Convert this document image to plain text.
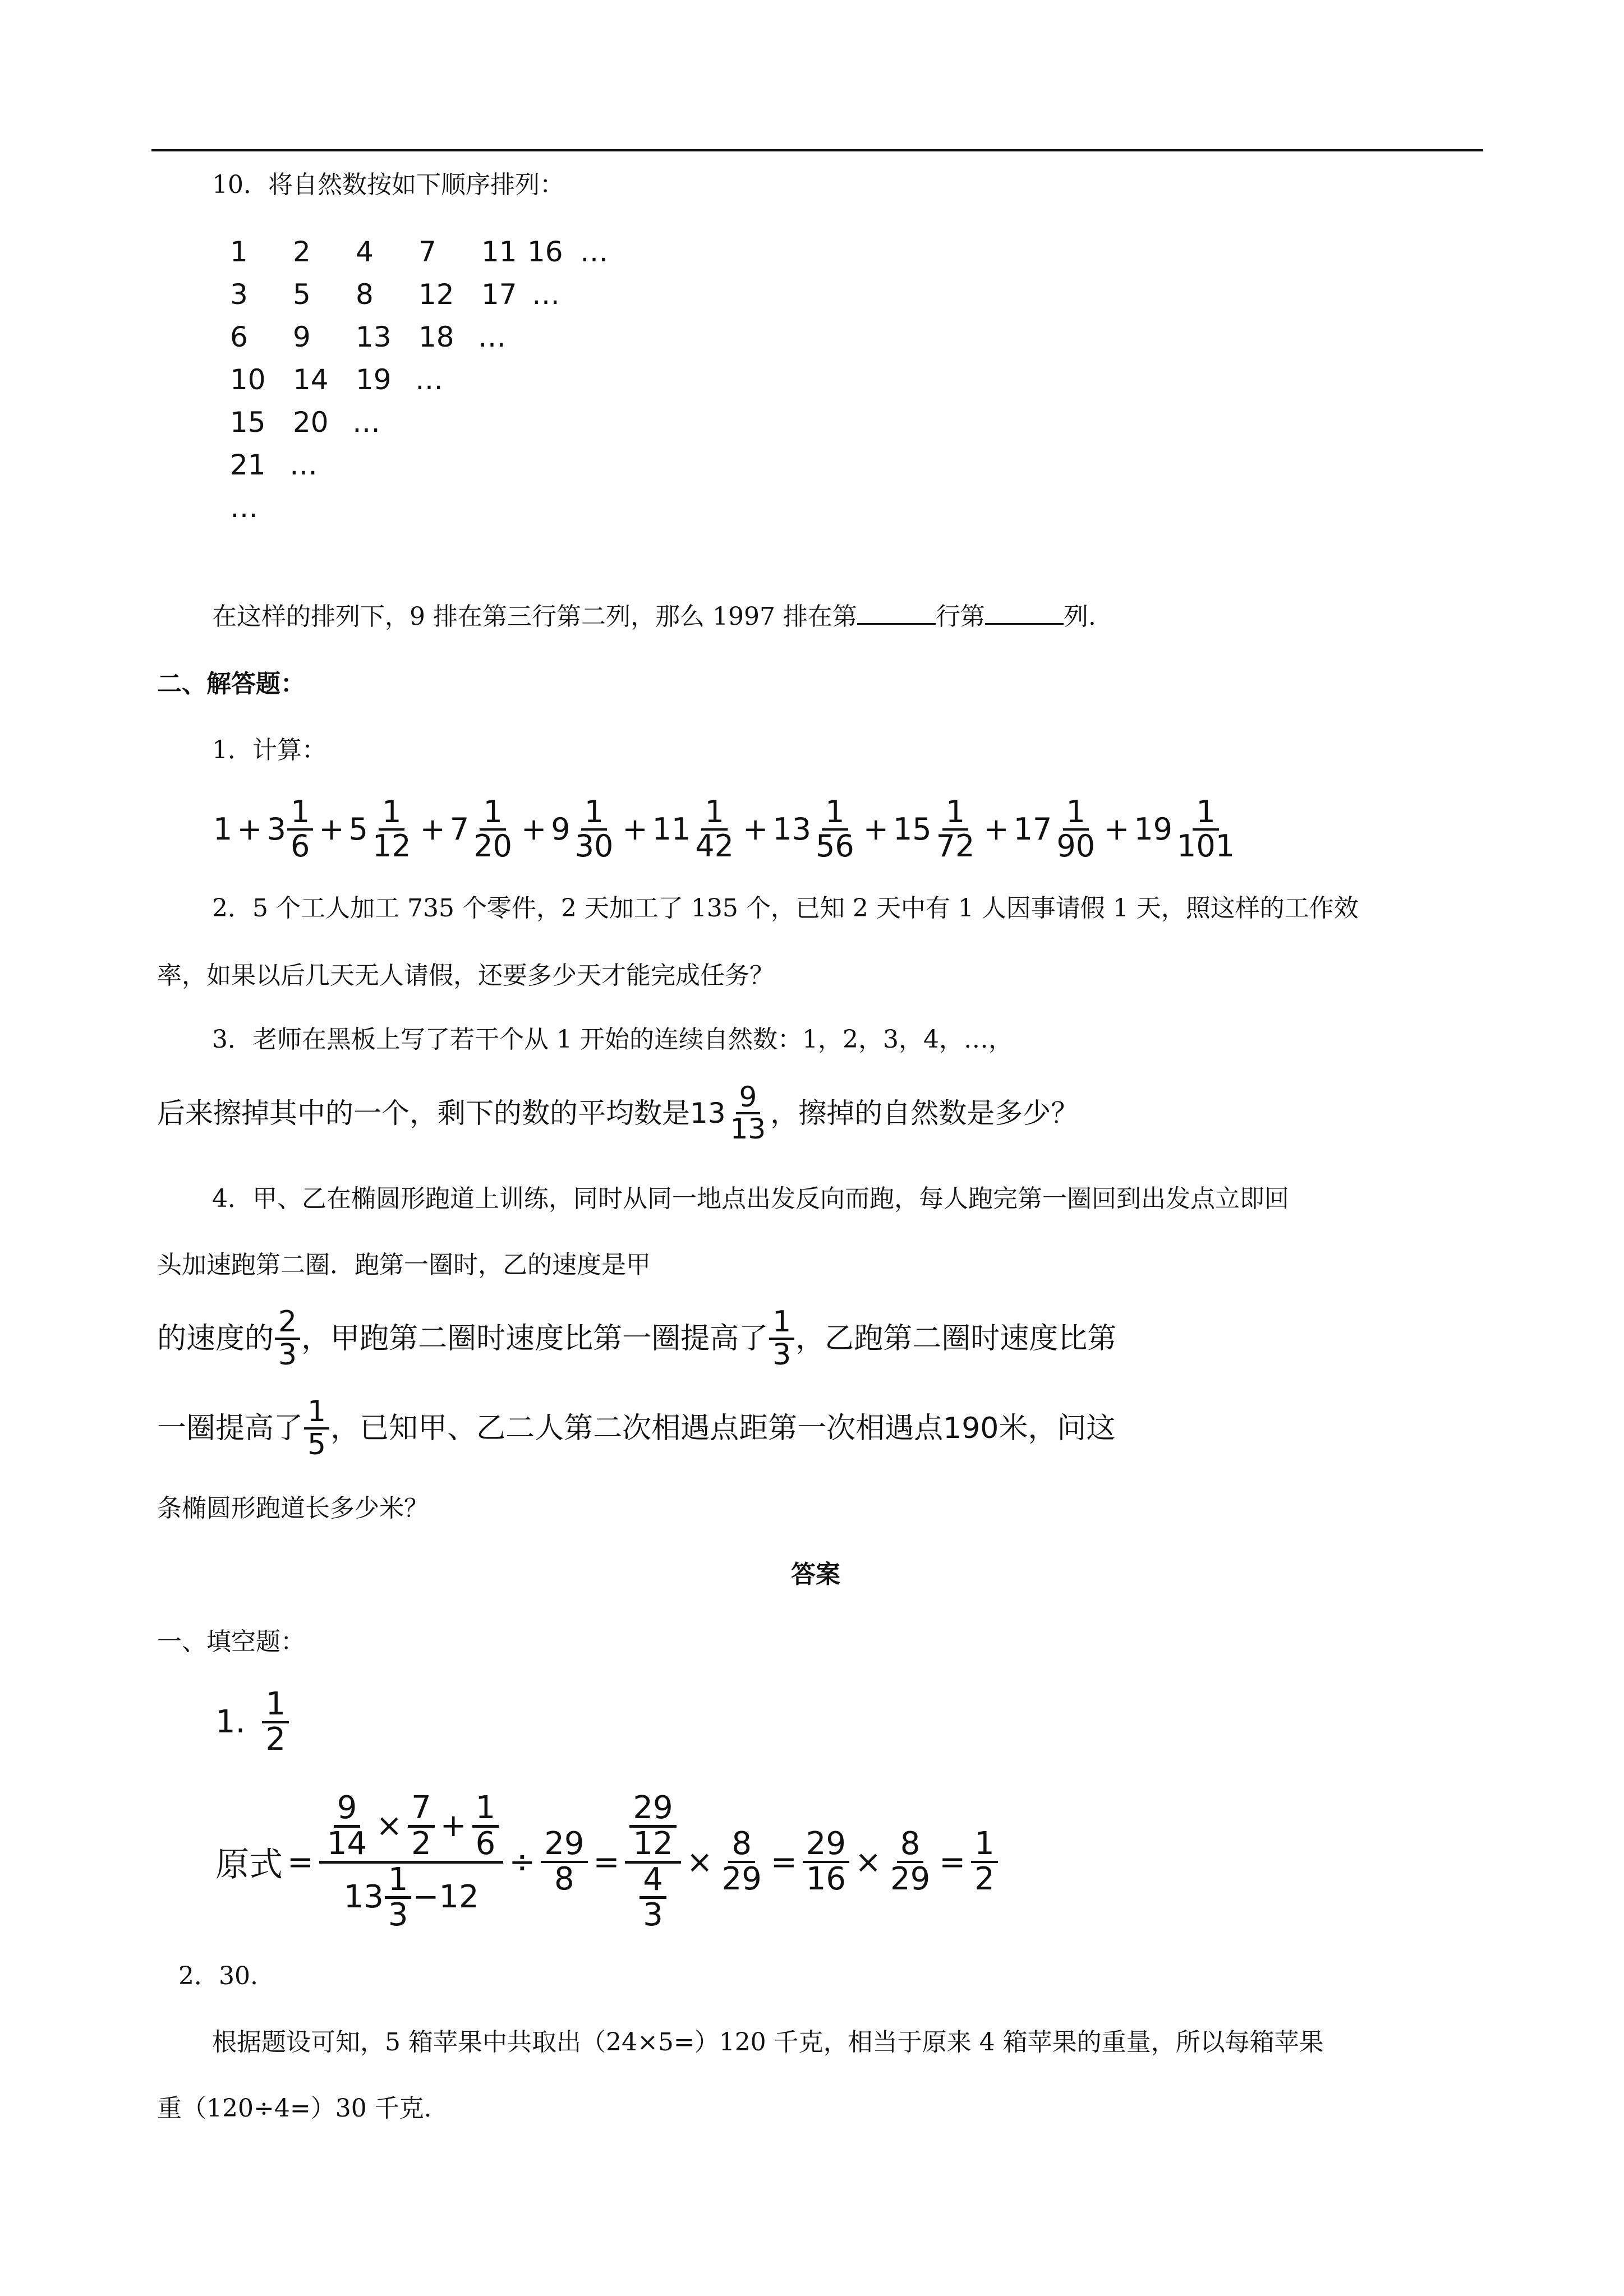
10．将自然数按如下顺序排列：
1 2 4 7 11 16 …
3 5 8 12 17 …
6 9 13 18 …
10 14 19 …
15 20 …
21 …
…
在这样的排列下，9 排在第三行第二列，那么 1997 排在第	行第	列.
二、解答题：
1．计算：
$1 + 3 \frac{1}{6} + 5 \frac{1}{12} + 7 \frac{1}{20} + 9 \frac{1}{30} + 11 \frac{1}{42} + 13 \frac{1}{56} + 15 \frac{1}{72} + 17 \frac{1}{90} + 19 \frac{1}{101}$
2．5 个工人加工 735 个零件，2 天加工了 135 个，已知 2 天中有 1 人因事请假 1 天，照这样的工作效
率，如果以后几天无人请假，还要多少天才能完成任务？
3．老师在黑板上写了若干个从 1 开始的连续自然数：1，2，3，4，…，
后来擦掉其中的一个，剩下的数的平均数是 $13 \frac{9}{13}$ ，擦掉的自然数是多少？
4．甲、乙在椭圆形跑道上训练，同时从同一地点出发反向而跑，每人跑完第一圈回到出发点立即回
头加速跑第二圈．跑第一圈时，乙的速度是甲
的速度的 $\frac{2}{3}$ ，甲跑第二圈时速度比第一圈提高了 $\frac{1}{3}$ ，乙跑第二圈时速度比第
一圈提高了 $\frac{1}{5}$ ，已知甲、乙二人第二次相遇点距第一次相遇点190米，问这
条椭圆形跑道长多少米？
答案
一、填空题：
1. $\frac{1}{2}$
原式 =
$\frac{9}{14} \times \frac{7}{2} + \frac{1}{6}$
$13 \frac{1}{3} -12$
÷ $\frac{29}{8} = \frac{\frac{29}{12}}{\frac{4}{3}} \times \frac{8}{29} = \frac{29}{16} \times \frac{8}{29} = \frac{1}{2}$
2．30.
根据题设可知，5 箱苹果中共取出（24×5=）120 千克，相当于原来 4 箱苹果的重量，所以每箱苹果
重（120÷4=）30 千克.
